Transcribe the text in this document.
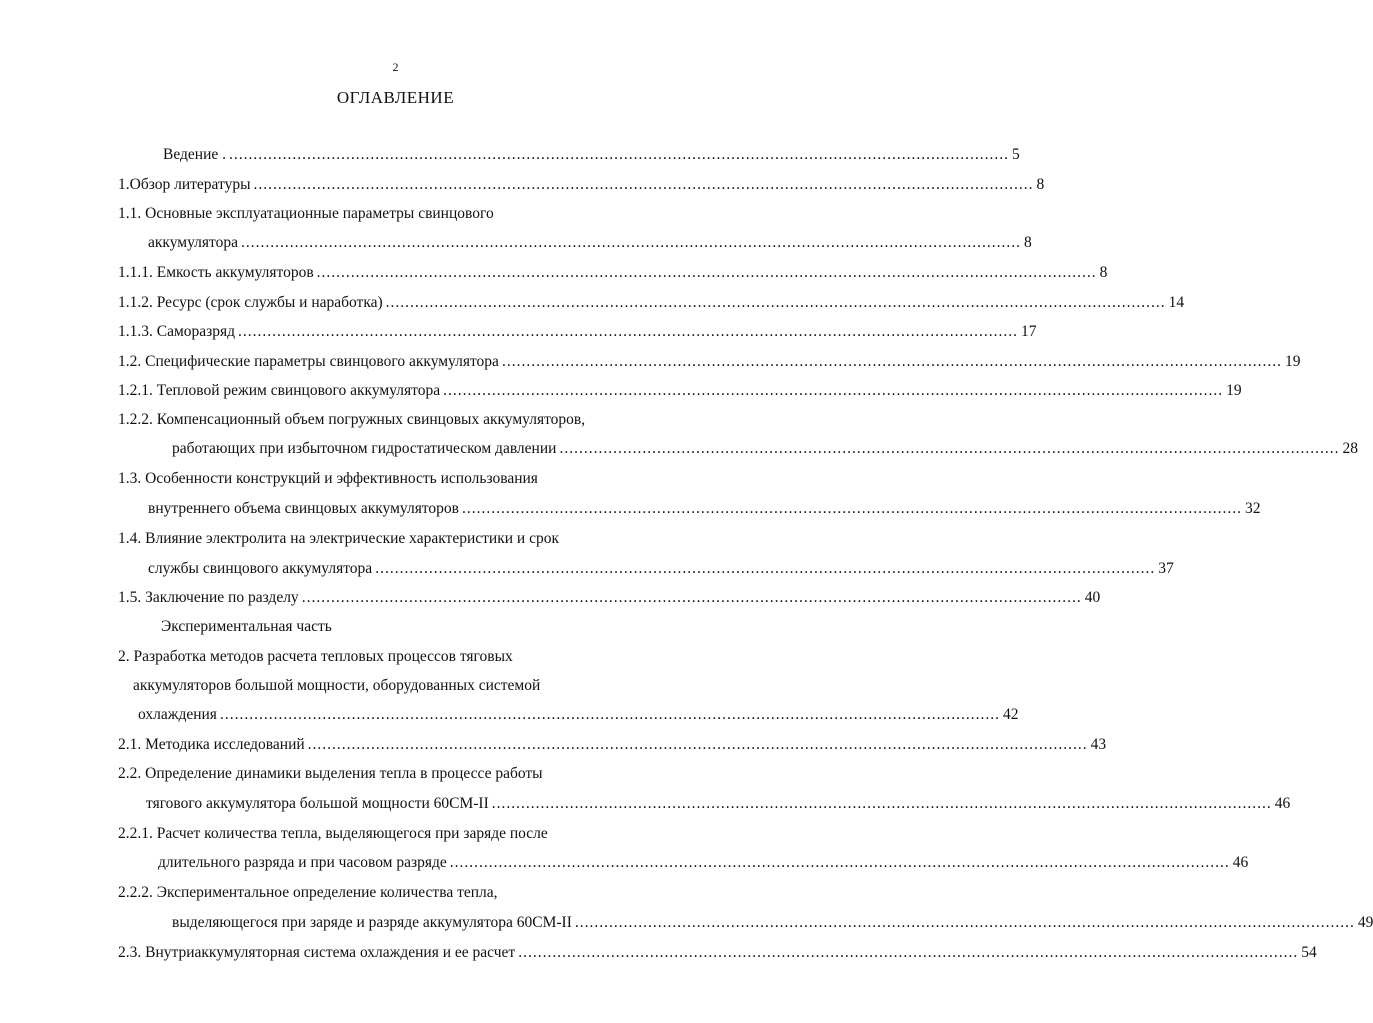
2
ОГЛАВЛЕНИЕ
Ведение . ................................................................................................................................................................ 5
1.Обзор литературы ................................................................................................................................................................ 8
1.1. Основные эксплуатационные параметры свинцового
аккумулятора ................................................................................................................................................................ 8
1.1.1. Емкость аккумуляторов ................................................................................................................................................................ 8
1.1.2. Ресурс (срок службы и наработка) ................................................................................................................................................................ 14
1.1.3. Саморазряд ................................................................................................................................................................ 17
1.2. Специфические параметры свинцового аккумулятора ................................................................................................................................................................ 19
1.2.1. Тепловой режим свинцового аккумулятора ................................................................................................................................................................ 19
1.2.2. Компенсационный объем погружных свинцовых аккумуляторов,
работающих при избыточном гидростатическом давлении ................................................................................................................................................................ 28
1.3. Особенности конструкций и эффективность использования
внутреннего объема свинцовых аккумуляторов ................................................................................................................................................................ 32
1.4. Влияние электролита на электрические характеристики и срок
службы свинцового аккумулятора ................................................................................................................................................................ 37
1.5. Заключение по разделу ................................................................................................................................................................ 40
Экспериментальная часть
2. Разработка методов расчета тепловых процессов тяговых
аккумуляторов большой мощности, оборудованных системой
охлаждения ................................................................................................................................................................ 42
2.1. Методика исследований ................................................................................................................................................................ 43
2.2. Определение динамики выделения тепла в процессе работы
тягового аккумулятора большой мощности 60СМ-II ................................................................................................................................................................ 46
2.2.1. Расчет количества тепла, выделяющегося при заряде после
длительного разряда и при часовом разряде ................................................................................................................................................................ 46
2.2.2. Экспериментальное определение количества тепла,
выделяющегося при заряде и разряде аккумулятора 60СМ-II ................................................................................................................................................................ 49
2.3. Внутриаккумуляторная система охлаждения и ее расчет ................................................................................................................................................................ 54
